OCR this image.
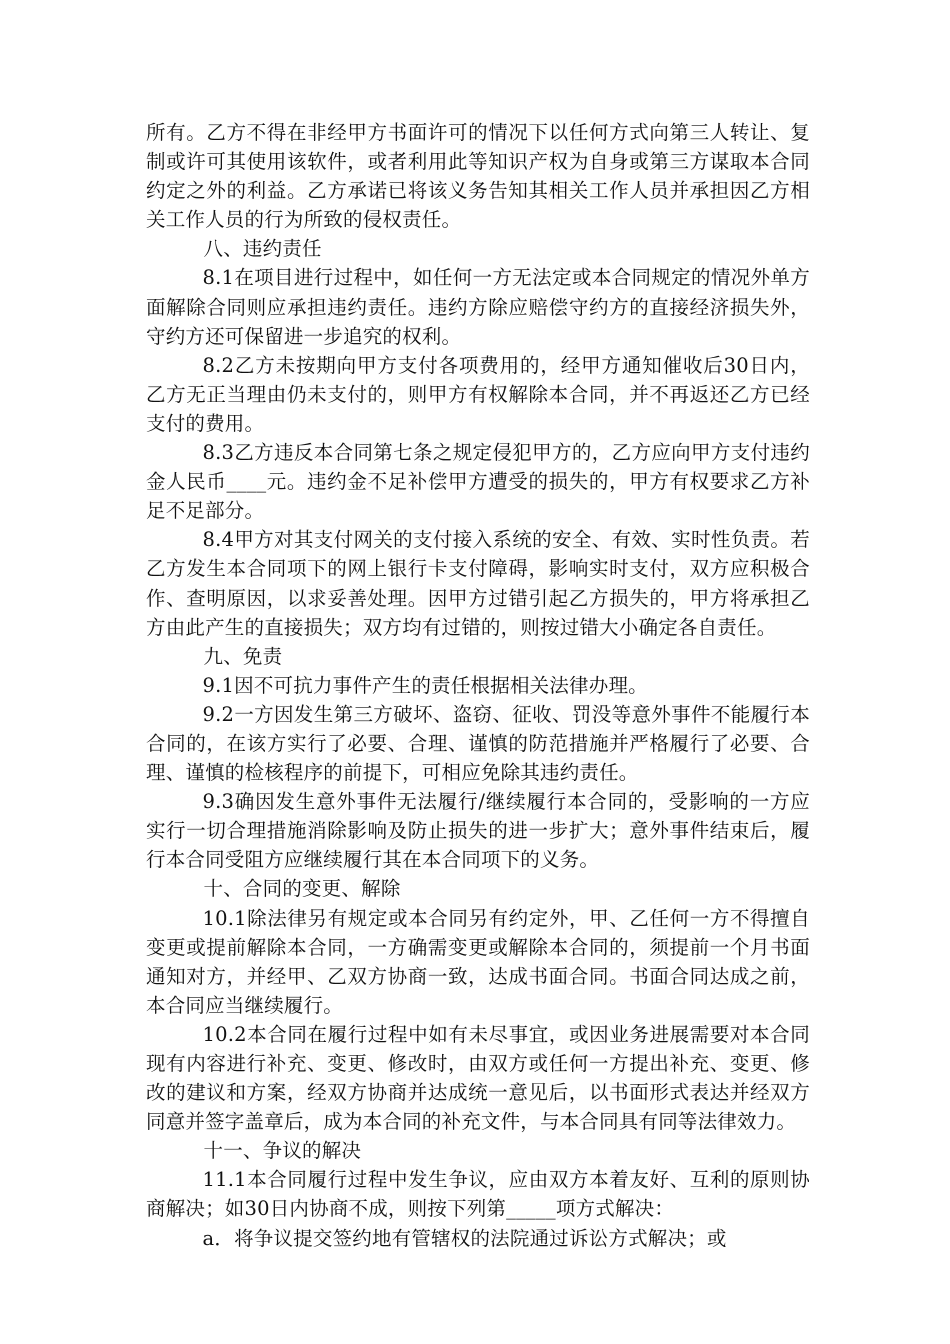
所有。乙方不得在非经甲方书面许可的情况下以任何方式向第三人转让、复制或许可其使用该软件，或者利用此等知识产权为自身或第三方谋取本合同约定之外的利益。乙方承诺已将该义务告知其相关工作人员并承担因乙方相关工作人员的行为所致的侵权责任。

八、违约责任

8.1在项目进行过程中，如任何一方无法定或本合同规定的情况外单方面解除合同则应承担违约责任。违约方除应赔偿守约方的直接经济损失外，守约方还可保留进一步追究的权利。

8.2乙方未按期向甲方支付各项费用的，经甲方通知催收后30日内，乙方无正当理由仍未支付的，则甲方有权解除本合同，并不再返还乙方已经支付的费用。

8.3乙方违反本合同第七条之规定侵犯甲方的，乙方应向甲方支付违约金人民币____元。违约金不足补偿甲方遭受的损失的，甲方有权要求乙方补足不足部分。

8.4甲方对其支付网关的支付接入系统的安全、有效、实时性负责。若乙方发生本合同项下的网上银行卡支付障碍，影响实时支付，双方应积极合作、查明原因，以求妥善处理。因甲方过错引起乙方损失的，甲方将承担乙方由此产生的直接损失；双方均有过错的，则按过错大小确定各自责任。

九、免责

9.1因不可抗力事件产生的责任根据相关法律办理。

9.2一方因发生第三方破坏、盗窃、征收、罚没等意外事件不能履行本合同的，在该方实行了必要、合理、谨慎的防范措施并严格履行了必要、合理、谨慎的检核程序的前提下，可相应免除其违约责任。

9.3确因发生意外事件无法履行/继续履行本合同的，受影响的一方应实行一切合理措施消除影响及防止损失的进一步扩大；意外事件结束后，履行本合同受阻方应继续履行其在本合同项下的义务。

十、合同的变更、解除

10.1除法律另有规定或本合同另有约定外，甲、乙任何一方不得擅自变更或提前解除本合同，一方确需变更或解除本合同的，须提前一个月书面通知对方，并经甲、乙双方协商一致，达成书面合同。书面合同达成之前，本合同应当继续履行。

10.2本合同在履行过程中如有未尽事宜，或因业务进展需要对本合同现有内容进行补充、变更、修改时，由双方或任何一方提出补充、变更、修改的建议和方案，经双方协商并达成统一意见后，以书面形式表达并经双方同意并签字盖章后，成为本合同的补充文件，与本合同具有同等法律效力。

十一、争议的解决

11.1本合同履行过程中发生争议，应由双方本着友好、互利的原则协商解决；如30日内协商不成，则按下列第_____项方式解决：

a．将争议提交签约地有管辖权的法院通过诉讼方式解决；或
